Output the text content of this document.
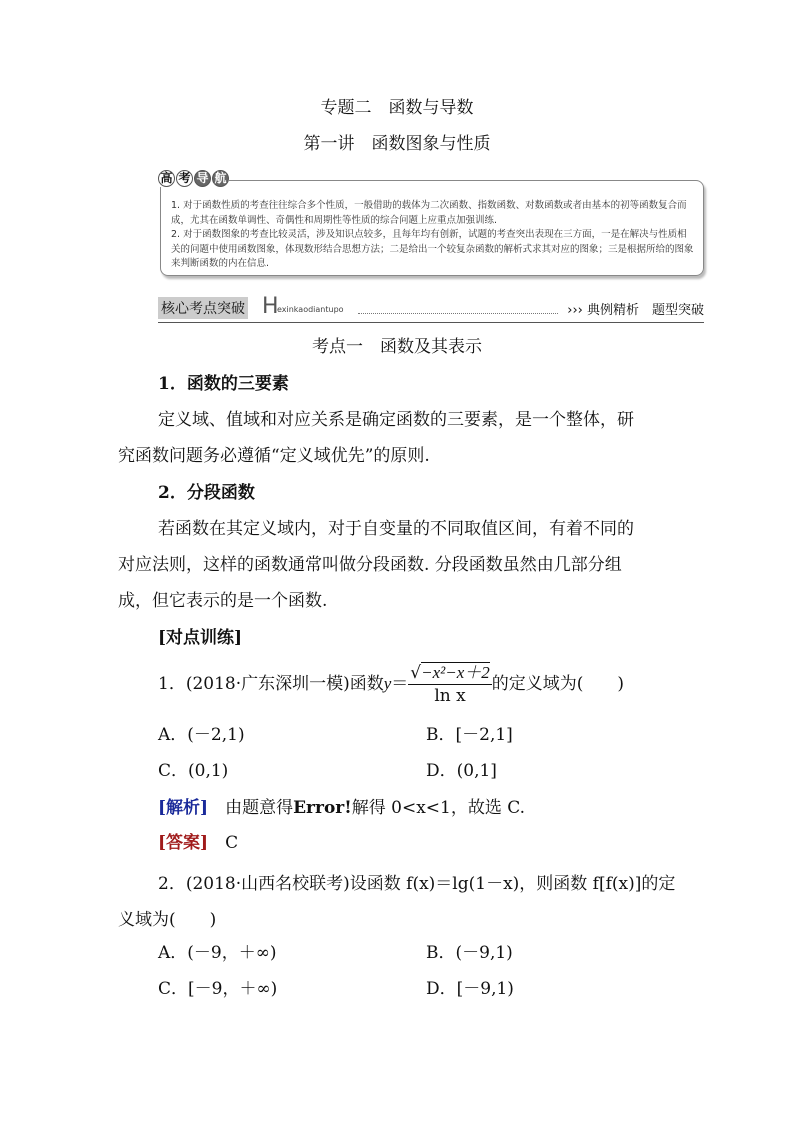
专题二　函数与导数
第一讲　函数图象与性质
1. 对于函数性质的考查往往综合多个性质，一般借助的载体为二次函数、指数函数、对数函数或者由基本的初等函数复合而成，尤其在函数单调性、奇偶性和周期性等性质的综合问题上应重点加强训练.
2. 对于函数图象的考查比较灵活，涉及知识点较多，且每年均有创新，试题的考查突出表现在三方面，一是在解决与性质相关的问题中使用函数图象，体现数形结合思想方法；二是给出一个较复杂函数的解析式求其对应的图象；三是根据所给的图象来判断函数的内在信息.
高 考 导 航
核心考点突破 H
exinkaodiantupo	››› 典例精析　题型突破
考点一　函数及其表示
1．函数的三要素
定义域、值域和对应关系是确定函数的三要素，是一个整体，研
究函数问题务必遵循“定义域优先”的原则.
2．分段函数
若函数在其定义域内，对于自变量的不同取值区间，有着不同的
对应法则，这样的函数通常叫做分段函数. 分段函数虽然由几部分组
成，但它表示的是一个函数.
[对点训练]
1．(2018·广东深圳一模)函数$y= \frac{\text{√−x²−x＋2}}{\text{ln x}}$ 的定义域为(　　)
A．(－2,1)	B．[－2,1]
C．(0,1)	D．(0,1]
[解析]　由题意得Error!解得 0<x<1，故选 C.
[答案]　C
2．(2018·山西名校联考)设函数 f(x)＝lg(1－x)，则函数 f[f(x)]的定
义域为(　　)
A．(－9，＋∞)	B．(－9,1)
C．[－9，＋∞)	D．[－9,1)
